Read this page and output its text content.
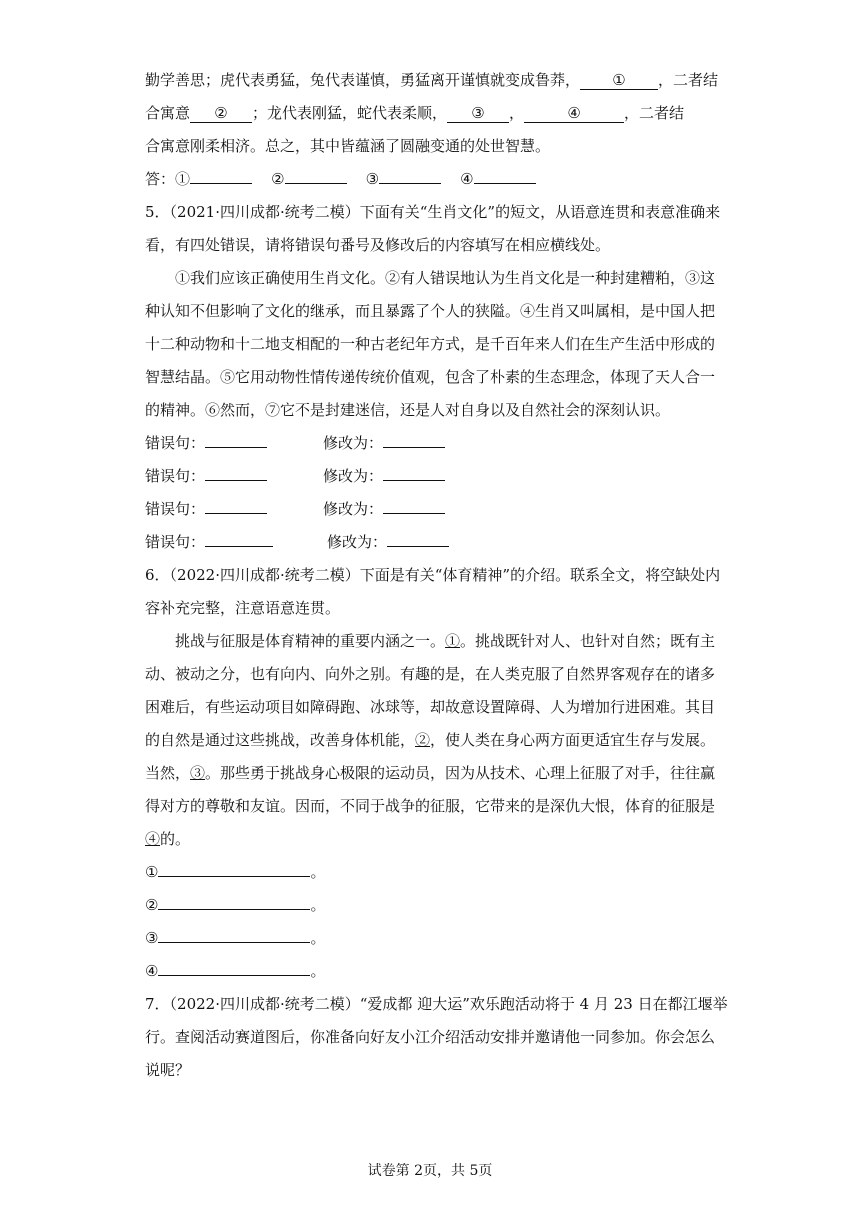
勤学善思；虎代表勇猛，兔代表谨慎，勇猛离开谨慎就变成鲁莽， ① ，二者结
合寓意 ② ；龙代表刚猛，蛇代表柔顺， ③ ，	④	，二者结
合寓意刚柔相济。总之，其中皆蕴涵了圆融变通的处世智慧。
答：①	②	③	④
5．（2021·四川成都·统考二模）下面有关“生肖文化”的短文，从语意连贯和表意准确来
看，有四处错误，请将错误句番号及修改后的内容填写在相应横线处。
①我们应该正确使用生肖文化。②有人错误地认为生肖文化是一种封建糟粕，③这
种认知不但影响了文化的继承，而且暴露了个人的狭隘。④生肖又叫属相，是中国人把
十二种动物和十二地支相配的一种古老纪年方式，是千百年来人们在生产生活中形成的
智慧结晶。⑤它用动物性情传递传统价值观，包含了朴素的生态理念，体现了天人合一
的精神。⑥然而，⑦它不是封建迷信，还是人对自身以及自然社会的深刻认识。
错误句：	修改为：
错误句：	修改为：
错误句：	修改为：
错误句：	修改为：
6．（2022·四川成都·统考二模）下面是有关“体育精神”的介绍。联系全文，将空缺处内
容补充完整，注意语意连贯。
挑战与征服是体育精神的重要内涵之一。①。挑战既针对人、也针对自然；既有主
动、被动之分，也有向内、向外之别。有趣的是，在人类克服了自然界客观存在的诸多
困难后，有些运动项目如障碍跑、冰球等，却故意设置障碍、人为增加行进困难。其目
的自然是通过这些挑战，改善身体机能，②，使人类在身心两方面更适宜生存与发展。
当然，③。那些勇于挑战身心极限的运动员，因为从技术、心理上征服了对手，往往赢
得对方的尊敬和友谊。因而，不同于战争的征服，它带来的是深仇大恨，体育的征服是
④的。
①	。
②	。
③	。
④	。
7．（2022·四川成都·统考二模）“爱成都 迎大运”欢乐跑活动将于 4 月 23 日在都江堰举
行。查阅活动赛道图后，你准备向好友小江介绍活动安排并邀请他一同参加。你会怎么
说呢？
试卷第 2页，共 5页
